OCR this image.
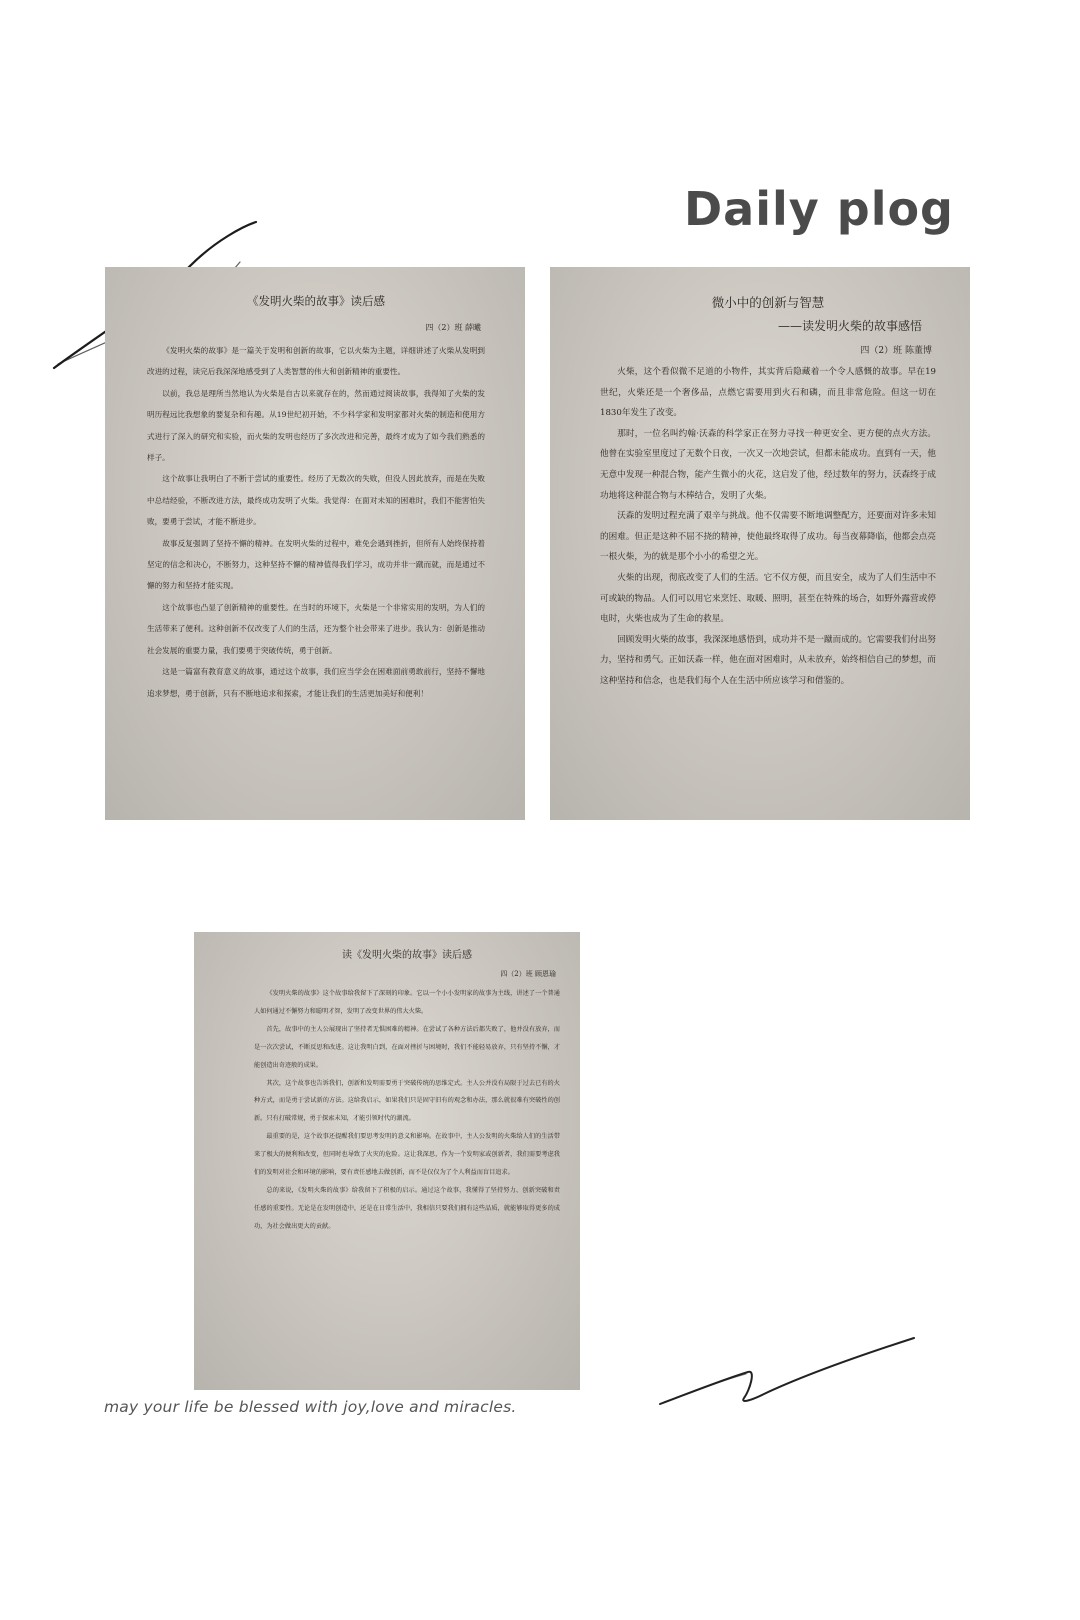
Daily plog
《发明火柴的故事》读后感

四（2）班 薛曦

《发明火柴的故事》是一篇关于发明和创新的故事，它以火柴为主题，详细讲述了火柴从发明到改进的过程，读完后我深深地感受到了人类智慧的伟大和创新精神的重要性。

以前，我总是理所当然地认为火柴是自古以来就存在的，然而通过阅读故事，我得知了火柴的发明历程远比我想象的要复杂和有趣。从19世纪初开始，不少科学家和发明家都对火柴的制造和使用方式进行了深入的研究和实验，而火柴的发明也经历了多次改进和完善，最终才成为了如今我们熟悉的样子。

这个故事让我明白了不断于尝试的重要性。经历了无数次的失败，但没人因此放弃，而是在失败中总结经验，不断改进方法，最终成功发明了火柴。我觉得：在面对未知的困难时，我们不能害怕失败，要勇于尝试，才能不断进步。

故事反复强调了坚持不懈的精神。在发明火柴的过程中，难免会遇到挫折，但所有人始终保持着坚定的信念和决心，不断努力，这种坚持不懈的精神值得我们学习，成功并非一蹴而就，而是通过不懈的努力和坚持才能实现。

这个故事也凸显了创新精神的重要性。在当时的环境下，火柴是一个非常实用的发明，为人们的生活带来了便利。这种创新不仅改变了人们的生活，还为整个社会带来了进步。我认为：创新是推动社会发展的重要力量，我们要勇于突破传统，勇于创新。

这是一篇富有教育意义的故事，通过这个故事，我们应当学会在困难面前勇敢前行，坚持不懈地追求梦想，勇于创新，只有不断地追求和探索，才能让我们的生活更加美好和便利！

微小中的创新与智慧

——读发明火柴的故事感悟

四（2）班 陈董博

火柴，这个看似微不足道的小物件，其实背后隐藏着一个令人感慨的故事。早在19世纪，火柴还是一个奢侈品，点燃它需要用到火石和磷，而且非常危险。但这一切在1830年发生了改变。

那时，一位名叫约翰·沃森的科学家正在努力寻找一种更安全、更方便的点火方法。他曾在实验室里度过了无数个日夜，一次又一次地尝试，但都未能成功。直到有一天，他无意中发现一种混合物，能产生微小的火花，这启发了他，经过数年的努力，沃森终于成功地将这种混合物与木棒结合，发明了火柴。

沃森的发明过程充满了艰辛与挑战。他不仅需要不断地调整配方，还要面对许多未知的困难。但正是这种不屈不挠的精神，使他最终取得了成功。每当夜幕降临，他都会点亮一根火柴，为的就是那个小小的希望之光。

火柴的出现，彻底改变了人们的生活。它不仅方便，而且安全，成为了人们生活中不可或缺的物品。人们可以用它来烹饪、取暖、照明，甚至在特殊的场合，如野外露营或停电时，火柴也成为了生命的救星。

回顾发明火柴的故事，我深深地感悟到，成功并不是一蹴而成的。它需要我们付出努力，坚持和勇气。正如沃森一样，他在面对困难时，从未放弃，始终相信自己的梦想，而这种坚持和信念，也是我们每个人在生活中所应该学习和借鉴的。

读《发明火柴的故事》读后感

四（2）班 顾恩瑜

《发明火柴的故事》这个故事给我留下了深刻的印象。它以一个小小发明家的故事为主线，讲述了一个普通人如何通过不懈努力和聪明才智，发明了改变世界的伟大火柴。

首先，故事中的主人公展现出了坚持者无惧困难的精神。在尝试了各种方法后都失败了，他并没有放弃，而是一次次尝试，不断反思和改进。这让我明白到，在面对挫折与困境时，我们不能轻易放弃，只有坚持不懈，才能创造出奇迹般的成果。

其次，这个故事也告诉我们，创新和发明需要勇于突破传统的思维定式。主人公并没有局限于过去已有的火种方式，而是勇于尝试新的方法。这给我启示，如果我们只是固守旧有的观念和办法，那么就很难有突破性的创新。只有打破常规，勇于探索未知，才能引领时代的潮流。

最重要的是，这个故事还提醒我们要思考发明的意义和影响。在故事中，主人公发明的火柴给人们的生活带来了极大的便利和改变，但同时也导致了火灾的危险。这让我深思，作为一个发明家或创新者，我们需要考虑我们的发明对社会和环境的影响，要有责任感地去做创新，而不是仅仅为了个人利益而盲目追求。

总的来说，《发明火柴的故事》给我留下了积极的启示。通过这个故事，我懂得了坚持努力、创新突破和责任感的重要性。无论是在发明创造中，还是在日常生活中，我相信只要我们拥有这些品质，就能够取得更多的成功，为社会做出更大的贡献。

may your life be blessed with joy,love and miracles.
